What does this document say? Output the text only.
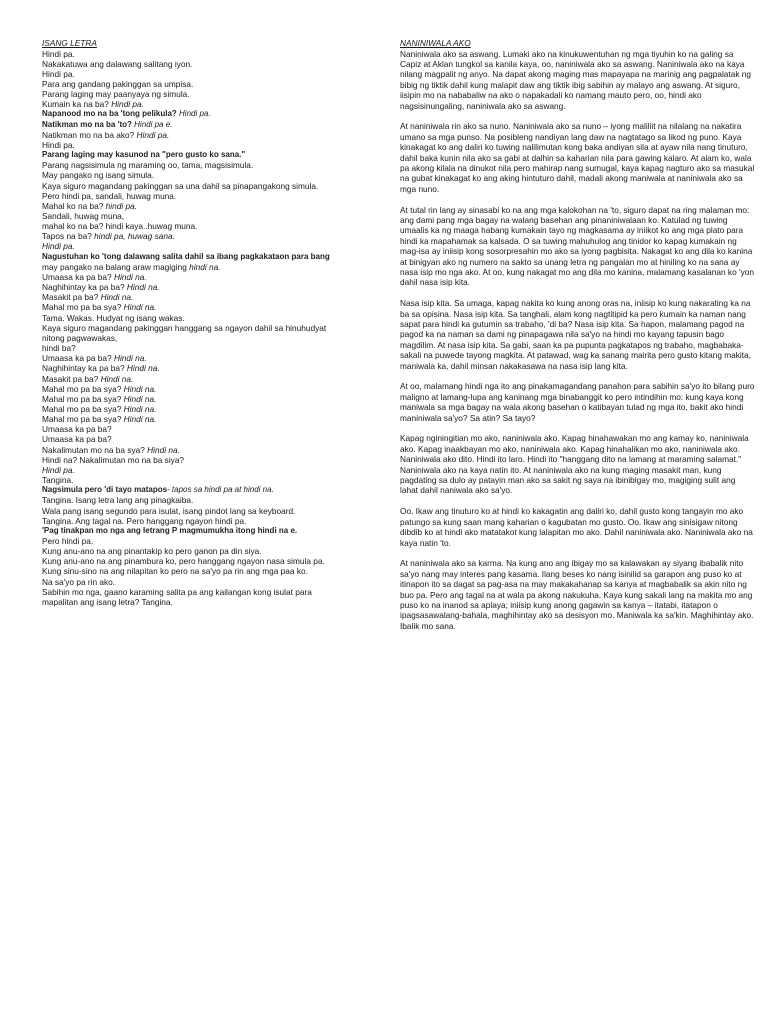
ISANG LETRA
Hindi pa.
Nakakatuwa ang dalawang salitang iyon.
Hindi pa.
Para ang gandang pakinggan sa umpisa.
Parang laging may paanyaya ng simula.
Kumain ka na ba? Hindi pa.
Napanood mo na ba 'tong pelikula? Hindi pa.
Natikman mo na ba 'to? Hindi pa e.
Natikman mo na ba ako? Hindi pa.
Hindi pa.
Parang laging may kasunod na "pero gusto ko sana."
Parang nagsisimula ng maraming oo, tama, magsisimula.
May pangako ng isang simula.
Kaya siguro magandang pakinggan sa una dahil sa pinapangakong simula.
Pero hindi pa, sandali, huwag muna.
Mahal ko na ba? hindi pa.
Sandali, huwag muna,
mahal ko na ba? hindi kaya..huwag muna.
Tapos na ba? hindi pa, huwag sana.
Hindi pa.
Nagustuhan ko 'tong dalawang salita dahil sa ibang pagkakataon para bang
may pangako na balang araw magiging hindi na.
Umaasa ka pa ba? Hindi na.
Naghihintay ka pa ba? Hindi na.
Masakit pa ba? Hindi na.
Mahal mo pa ba sya? Hindi na.
Tama. Wakas. Hudyat ng isang wakas.
Kaya siguro magandang pakinggan hanggang sa ngayon dahil sa hinuhudyat
nitong pagwawakas,
hindi ba?
Umaasa ka pa ba? Hindi na.
Naghihintay ka pa ba? Hindi na.
Masakit pa ba? Hindi na.
Mahal mo pa ba sya? Hindi na.
Mahal mo pa ba sya? Hindi na.
Mahal mo pa ba sya? Hindi na.
Mahal mo pa ba sya? Hindi na.
Umaasa ka pa ba?
Umaasa ka pa ba?
Nakalimutan mo na ba sya? Hindi na.
Hindi na? Nakalimutan mo na ba siya?
Hindi pa.
Tangina.
Nagsimula pero 'di tayo matapos- tapos sa hindi pa at hindi na.
Tangina. Isang letra lang ang pinagkaiba.
Wala pang isang segundo para isulat, isang pindot lang sa keyboard.
Tangina. Ang tagal na. Pero hanggang ngayon hindi pa.
'Pag tinakpan mo nga ang letrang P magmumukha itong hindi na e.
Pero hindi pa.
Kung anu-ano na ang pinantakip ko pero ganon pa din siya.
Kung anu-ano na ang pinambura ko, pero hanggang ngayon nasa simula pa.
Kung sinu-sino na ang nilapitan ko pero na sa'yo pa rin ang mga paa ko.
Na sa'yo pa rin ako.
Sabihin mo nga, gaano karaming salita pa ang kailangan kong isulat para
mapalitan ang isang letra? Tangina.
NANINIWALA AKO

Naniniwala ako sa aswang. Lumaki ako na kinukuwentuhan ng mga tiyuhin ko na galing sa Capiz at Aklan tungkol sa kanila kaya, oo, naniniwala ako sa aswang. Naniniwala ako na kaya nilang magpalit ng anyo. Na dapat akong maging mas mapayapa na marinig ang pagpalatak ng bibig ng tiktik dahil kung malapit daw ang tiktik ibig sabihin ay malayo ang aswang. At siguro, iisipin mo na nababaliw na ako o napakadali ko namang mauto pero, oo, hindi ako nagsisinungaling, naniniwala ako sa aswang.

At naniniwala rin ako sa nuno. Naniniwala ako sa nuno – iyong maliliit na nilalang na nakatira umano sa mga punso. Na posibleng nandiyan lang daw na nagtatago sa likod ng puno. Kaya kinakagat ko ang daliri ko tuwing nalilimutan kong baka andiyan sila at ayaw nila nang tinuturo, dahil baka kunin nila ako sa gabi at dalhin sa kaharian nila para gawing kalaro. At alam ko, wala pa akong kilala na dinukot nila pero mahirap nang sumugal, kaya kapag nagturo ako sa masukal na gubat kinakagat ko ang aking hintuturo dahil, madali akong maniwala at naniniwala ako sa mga nuno.

At tutal rin lang ay sinasabi ko na ang mga kalokohan na 'to, siguro dapat na ring malaman mo: ang dami pang mga bagay na walang basehan ang pinaniniwalaan ko. Katulad ng tuwing umaalis ka ng maaga habang kumakain tayo ng magkasama ay iniikot ko ang mga plato para hindi ka mapahamak sa kalsada. O sa tuwing mahuhulog ang tinidor ko kapag kumakain ng mag-isa ay iniisip kong sosorpresahin mo ako sa iyong pagbisita. Nakagat ko ang dila ko kanina at binigyan ako ng numero na sakto sa unang letra ng pangalan mo at hiniling ko na sana ay nasa isip mo nga ako. At oo, kung nakagat mo ang dila mo kanina, malamang kasalanan ko 'yon dahil nasa isip kita.

Nasa isip kita. Sa umaga, kapag nakita ko kung anong oras na, iniisip ko kung nakarating ka na ba sa opisina. Nasa isip kita. Sa tanghali, alam kong nagtitipid ka pero kumain ka naman nang sapat para hindi ka gutumin sa trabaho, 'di ba? Nasa isip kita. Sa hapon, malamang pagod na pagod ka na naman sa dami ng pinapagawa nila sa'yo na hindi mo kayang tapusin bago magdilim. At nasa isip kita. Sa gabi, saan ka pa pupunta pagkatapos ng trabaho, magbabaka-sakali na puwede tayong magkita. At patawad, wag ka sanang mairita pero gusto kitang makita, maniwala ka, dahil minsan nakakasawa na nasa isip lang kita.

At oo, malamang hindi nga ito ang pinakamagandang panahon para sabihin sa'yo ito bilang puro maligno at lamang-lupa ang kaninang mga binabanggit ko pero intindihin mo: kung kaya kong maniwala sa mga bagay na wala akong basehan o katibayan tulad ng mga ito, bakit ako hindi maniniwala sa'yo? Sa atin? Sa tayo?

Kapag nginingitian mo ako, naniniwala ako. Kapag hinahawakan mo ang kamay ko, naniniwala ako. Kapag inaakbayan mo ako, naniniwala ako. Kapag hinahalikan mo ako, naniniwala ako. Naniniwala ako dito. Hindi ito laro. Hindi ito "hanggang dito na lamang at maraming salamat." Naniniwala ako na kaya natin ito. At naniniwala ako na kung maging masakit man, kung pagdating sa dulo ay patayin man ako sa sakit ng saya na ibinibigay mo, magiging sulit ang lahat dahil naniwala ako sa'yo.

Oo. Ikaw ang tinuturo ko at hindi ko kakagatin ang daliri ko, dahil gusto kong tangayin mo ako patungo sa kung saan mang kaharian o kagubatan mo gusto. Oo. Ikaw ang sinisigaw nitong dibdib ko at hindi ako matatakot kung lalapitan mo ako. Dahil naniniwala ako. Naniniwala ako na kaya natin 'to.

At naniniwala ako sa karma. Na kung ano ang ibigay mo sa kalawakan ay siyang ibabalik nito sa'yo nang may interes pang kasama. Ilang beses ko nang isinilid sa garapon ang puso ko at itinapon ito sa dagat sa pag-asa na may makakahanap sa kanya at magbabalik sa akin nito ng buo pa. Pero ang tagal na at wala pa akong nakukuha. Kaya kung sakali lang na makita mo ang puso ko na inanod sa aplaya; iniisip kung anong gagawin sa kanya – itatabi, itatapon o ipagsasawalang-bahala, maghihintay ako sa desisyon mo. Maniwala ka sa'kin. Maghihintay ako.
Ibalik mo sana.
